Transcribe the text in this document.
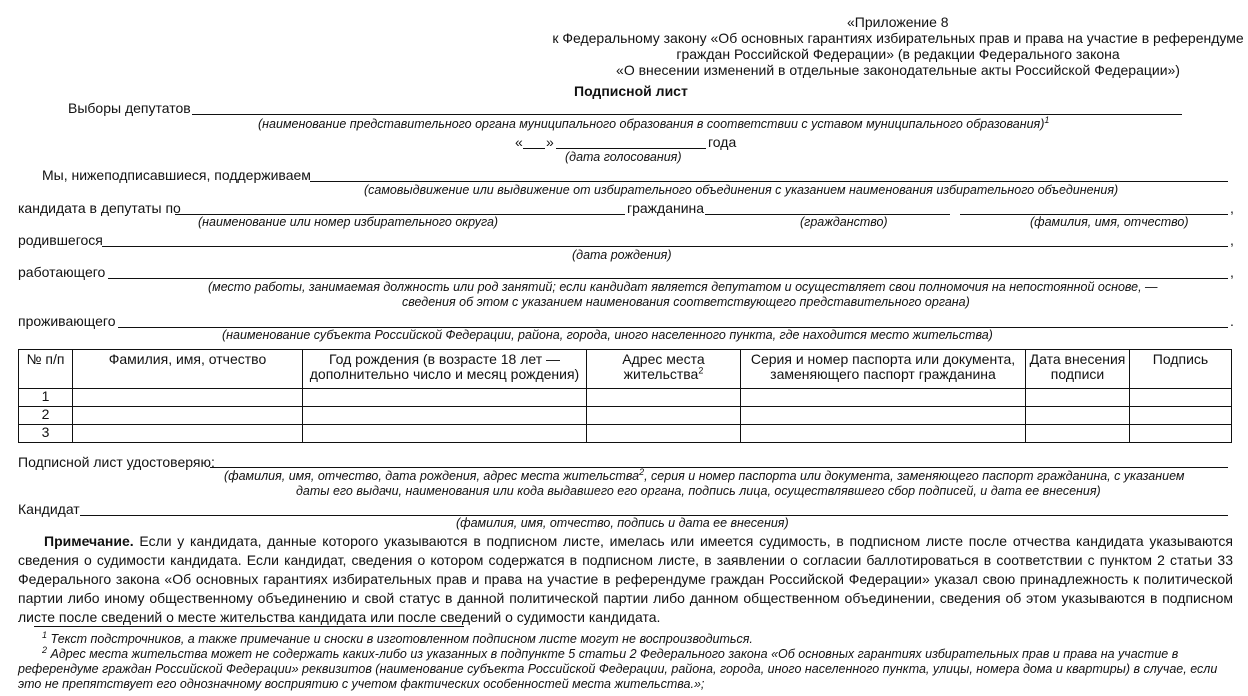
«Приложение 8
к Федеральному закону «Об основных гарантиях избирательных прав и права на участие в референдуме
граждан Российской Федерации» (в редакции Федерального закона
«О внесении изменений в отдельные законодательные акты Российской Федерации»)
Подписной лист
Выборы депутатов
(наименование представительного органа муниципального образования в соответствии с уставом муниципального образования)$^1$
« »	года
(дата голосования)
Мы, нижеподписавшиеся, поддерживаем
(самовыдвижение или выдвижение от избирательного объединения с указанием наименования избирательного объединения)
кандидата в депутаты по	гражданина	,
(наименование или номер избирательного округа)	(гражданство)	(фамилия, имя, отчество)
родившегося	,
(дата рождения)
работающего	,
(место работы, занимаемая должность или род занятий; если кандидат является депутатом и осуществляет свои полномочия на непостоянной основе, —
сведения об этом с указанием наименования соответствующего представительного органа)
проживающего	.
(наименование субъекта Российской Федерации, района, города, иного населенного пункта, где находится место жительства)
№ п/п	Фамилия, имя, отчество	Год рождения (в возрасте 18 лет —
дополнительно число и месяц рождения)	Адрес места
жительства$^2$	Серия и номер паспорта или документа,
заменяющего паспорт гражданина	Дата внесения
подписи	Подпись
1						
2						
3						
Подписной лист удостоверяю:
(фамилия, имя, отчество, дата рождения, адрес места жительства$^2$, серия и номер паспорта или документа, заменяющего паспорт гражданина, с указанием
даты его выдачи, наименования или кода выдавшего его органа, подпись лица, осуществлявшего сбор подписей, и дата ее внесения)
Кандидат
(фамилия, имя, отчество, подпись и дата ее внесения)
Примечание. Если у кандидата, данные которого указываются в подписном листе, имелась или имеется судимость, в подписном листе после отчества кандидата указываются сведения о судимости кандидата. Если кандидат, сведения о котором содержатся в подписном листе, в заявлении о согласии баллотироваться в соответствии с пунктом 2 статьи 33 Федерального закона «Об основных гарантиях избирательных прав и права на участие в референдуме граждан Российской Федерации» указал свою принадлежность к политической партии либо иному общественному объединению и свой статус в данной политической партии либо данном общественном объединении, сведения об этом указываются в подписном листе после сведений о месте жительства кандидата или после сведений о судимости кандидата.
$^1$ Текст подстрочников, а также примечание и сноски в изготовленном подписном листе могут не воспроизводиться.
$^2$ Адрес места жительства может не содержать каких-либо из указанных в подпункте 5 статьи 2 Федерального закона «Об основных гарантиях избирательных прав и права на участие в референдуме граждан Российской Федерации» реквизитов (наименование субъекта Российской Федерации, района, города, иного населенного пункта, улицы, номера дома и квартиры) в случае, если это не препятствует его однозначному восприятию с учетом фактических особенностей места жительства.»;
